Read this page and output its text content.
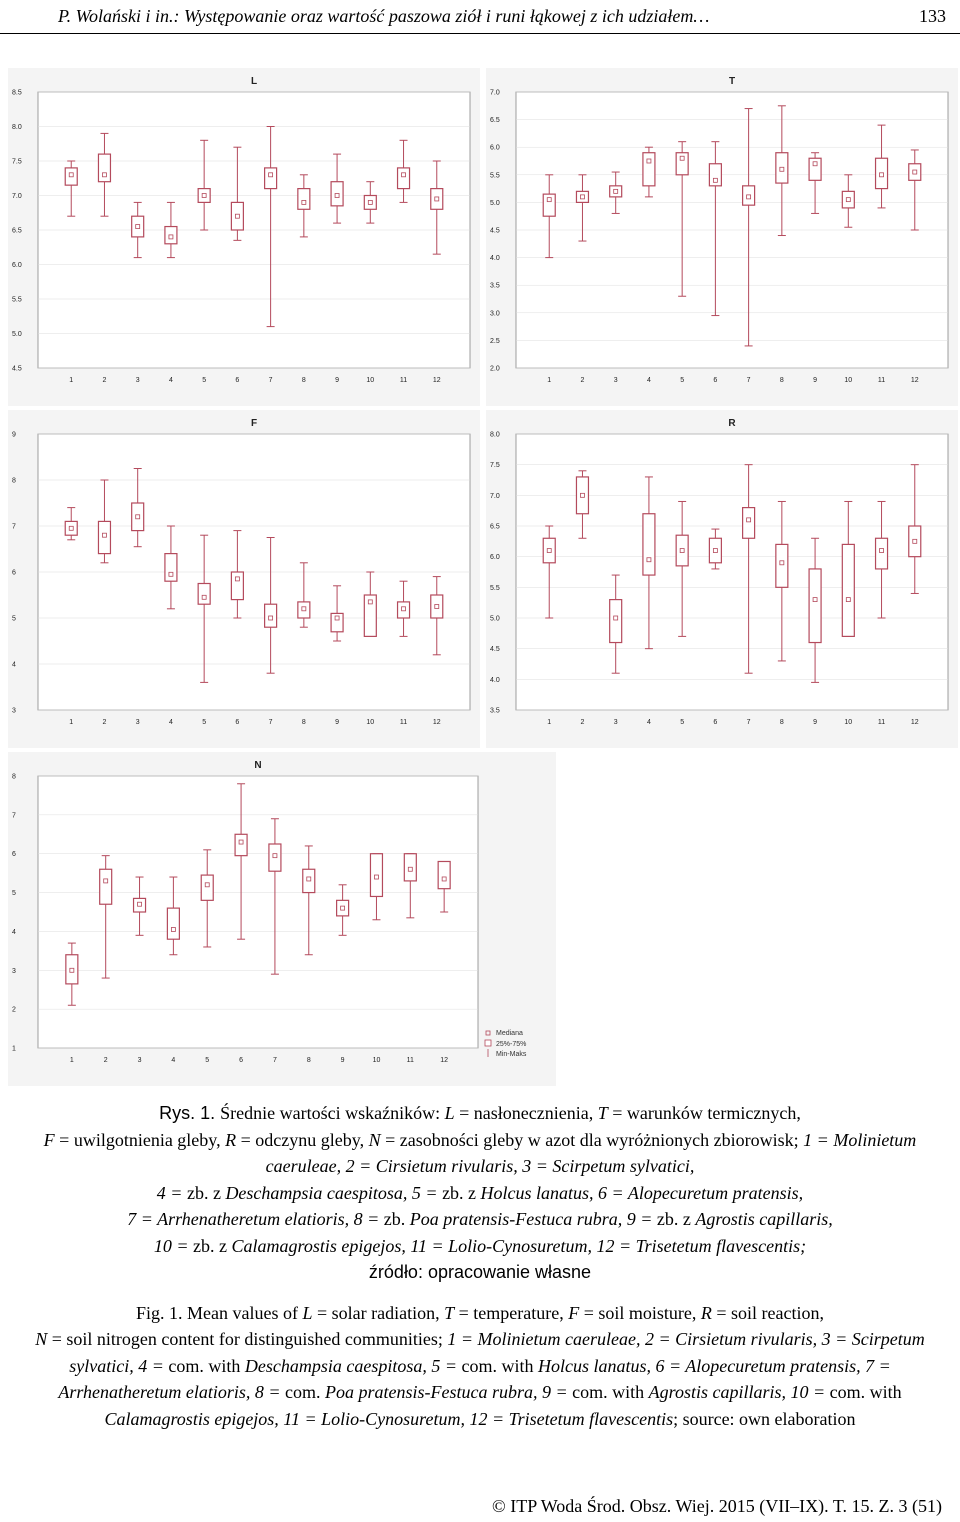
P. Wolański i in.: Występowanie oraz wartość paszowa ziół i runi łąkowej z ich udziałem…	133
L
4.5
5.0
5.5
6.0
6.5
7.0
7.5
8.0
8.5
1	2	3	4	5	6	7	8	9	10	11	12
T
2.0
2.5
3.0
3.5
4.0
4.5
5.0
5.5
6.0
6.5
7.0
1	2	3	4	5	6	7	8	9	10	11	12
F
3
4
5
6
7
8
9
1	2	3	4	5	6	7	8	9	10	11	12
R
3.5
4.0
4.5
5.0
5.5
6.0
6.5
7.0
7.5
8.0
1	2	3	4	5	6	7	8	9	10	11	12
N
1
2
3
4
5
6
7
8
1	2	3	4	5	6	7	8	9	10	11	12
Mediana
25%-75%
Min-Maks

Rys. 1. Średnie wartości wskaźników: L = nasłonecznienia, T = warunków termicznych,
F = uwilgotnienia gleby, R = odczynu gleby, N = zasobności gleby w azot dla wyróżnionych zbiorowisk; 1 = Molinietum caeruleae, 2 = Cirsietum rivularis, 3 = Scirpetum sylvatici,
4 = zb. z Deschampsia caespitosa, 5 = zb. z Holcus lanatus, 6 = Alopecuretum pratensis,
7 = Arrhenatheretum elatioris, 8 = zb. Poa pratensis-Festuca rubra, 9 = zb. z Agrostis capillaris,
10 = zb. z Calamagrostis epigejos, 11 = Lolio-Cynosuretum, 12 = Trisetetum flavescentis;
źródło: opracowanie własne

Fig. 1. Mean values of L = solar radiation, T = temperature, F = soil moisture, R = soil reaction,
N = soil nitrogen content for distinguished communities; 1 = Molinietum caeruleae, 2 = Cirsietum rivularis, 3 = Scirpetum sylvatici, 4 = com. with Deschampsia caespitosa, 5 = com. with Holcus lanatus, 6 = Alopecuretum pratensis, 7 = Arrhenatheretum elatioris, 8 = com. Poa pratensis-Festuca rubra, 9 = com. with Agrostis capillaris, 10 = com. with Calamagrostis epigejos, 11 = Lolio-Cynosuretum, 12 = Trisetetum flavescentis; source: own elaboration

© ITP Woda Środ. Obsz. Wiej. 2015 (VII–IX). T. 15. Z. 3 (51)
